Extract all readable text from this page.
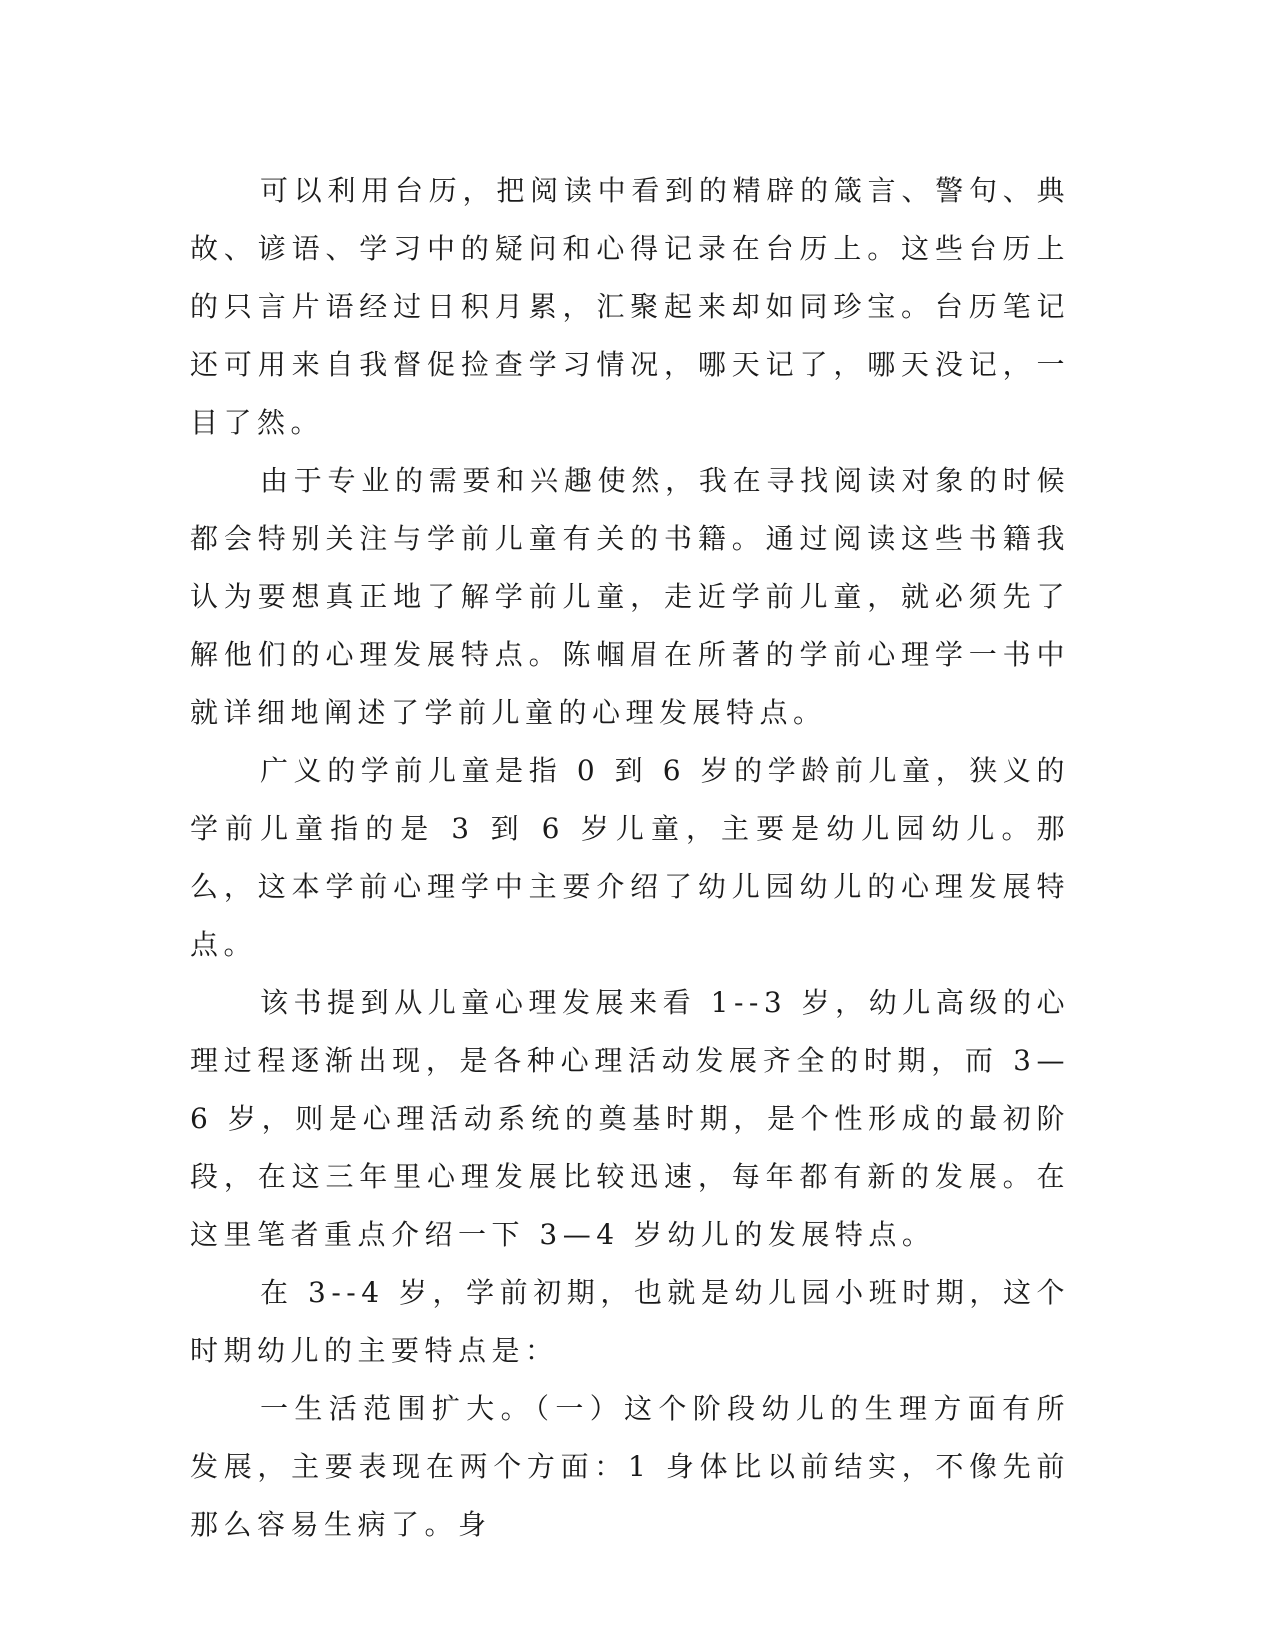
可以利用台历，把阅读中看到的精辟的箴言、警句、典故、谚语、学习中的疑问和心得记录在台历上。这些台历上的只言片语经过日积月累，汇聚起来却如同珍宝。台历笔记还可用来自我督促捡查学习情况，哪天记了，哪天没记，一目了然。

由于专业的需要和兴趣使然，我在寻找阅读对象的时候都会特别关注与学前儿童有关的书籍。通过阅读这些书籍我认为要想真正地了解学前儿童，走近学前儿童，就必须先了解他们的心理发展特点。陈帼眉在所著的学前心理学一书中就详细地阐述了学前儿童的心理发展特点。

广义的学前儿童是指 0 到 6 岁的学龄前儿童，狭义的学前儿童指的是 3 到 6 岁儿童，主要是幼儿园幼儿。那么，这本学前心理学中主要介绍了幼儿园幼儿的心理发展特点。

该书提到从儿童心理发展来看 1--3 岁，幼儿高级的心理过程逐渐出现，是各种心理活动发展齐全的时期，而 3—6 岁，则是心理活动系统的奠基时期，是个性形成的最初阶段，在这三年里心理发展比较迅速，每年都有新的发展。在这里笔者重点介绍一下 3—4 岁幼儿的发展特点。

在 3--4 岁，学前初期，也就是幼儿园小班时期，这个时期幼儿的主要特点是：

一生活范围扩大。（一）这个阶段幼儿的生理方面有所发展，主要表现在两个方面：1 身体比以前结实，不像先前那么容易生病了。身
